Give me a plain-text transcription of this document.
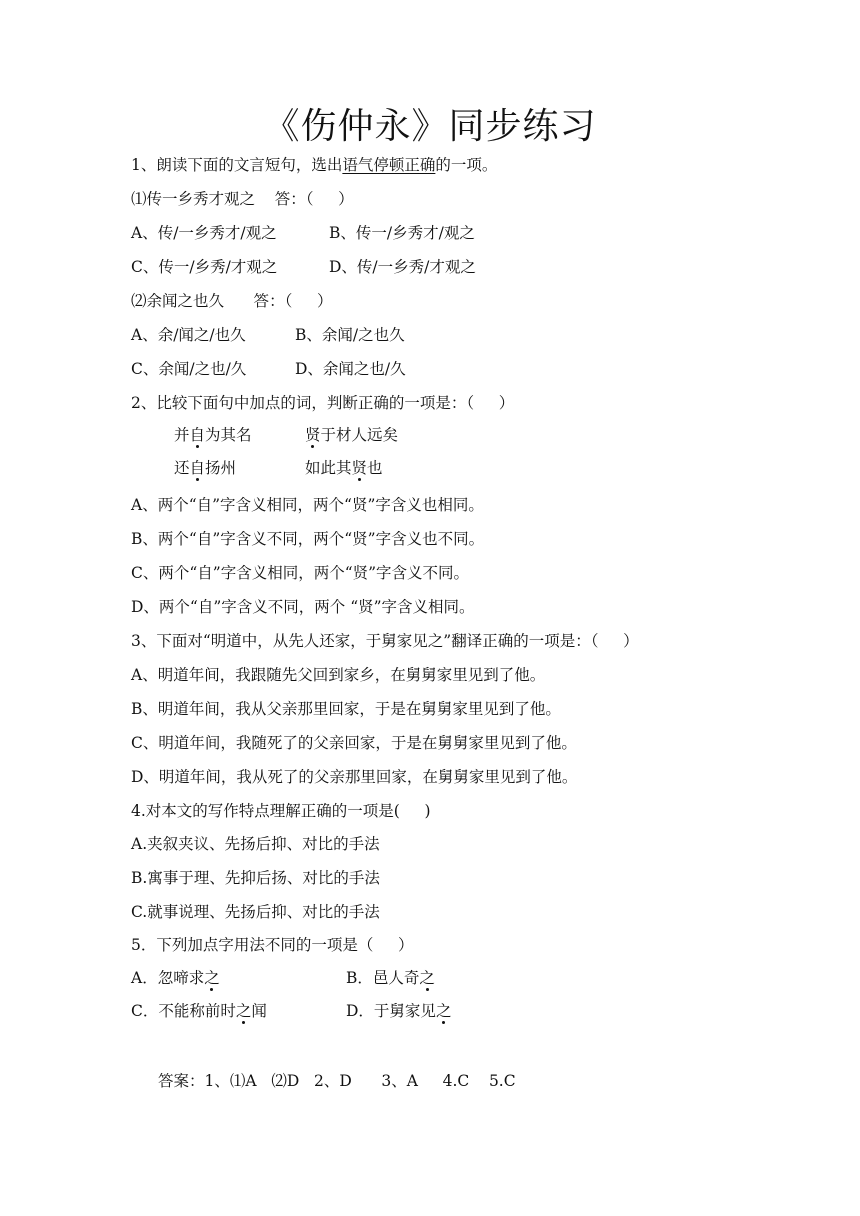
《伤仲永》同步练习
1、朗读下面的文言短句，选出语气停顿正确的一项。
⑴传一乡秀才观之    答：（     ）
A、传/一乡秀才/观之	B、传一/乡秀才/观之
C、传一/乡秀/才观之	D、传/一乡秀/才观之
⑵余闻之也久      答：（     ）
A、余/闻之/也久	B、余闻/之也久
C、余闻/之也/久	D、余闻之也/久
2、比较下面句中加点的词，判断正确的一项是：（     ）
并自为其名	贤于材人远矣
还自扬州	如此其贤也
A、两个“自”字含义相同，两个“贤”字含义也相同。
B、两个“自”字含义不同，两个“贤”字含义也不同。
C、两个“自”字含义相同，两个“贤”字含义不同。
D、两个“自”字含义不同，两个 “贤”字含义相同。
3、下面对“明道中，从先人还家，于舅家见之”翻译正确的一项是：（     ）
A、明道年间，我跟随先父回到家乡，在舅舅家里见到了他。
B、明道年间，我从父亲那里回家，于是在舅舅家里见到了他。
C、明道年间，我随死了的父亲回家，于是在舅舅家里见到了他。
D、明道年间，我从死了的父亲那里回家，在舅舅家里见到了他。
4.对本文的写作特点理解正确的一项是(     )
A.夹叙夹议、先扬后抑、对比的手法
B.寓事于理、先抑后扬、对比的手法
C.就事说理、先扬后抑、对比的手法
5．下列加点字用法不同的一项是（     ）
A．忽啼求之	B．邑人奇之
C．不能称前时之闻	D．于舅家见之
答案：1、⑴A   ⑵D   2、D      3、A     4.C    5.C
